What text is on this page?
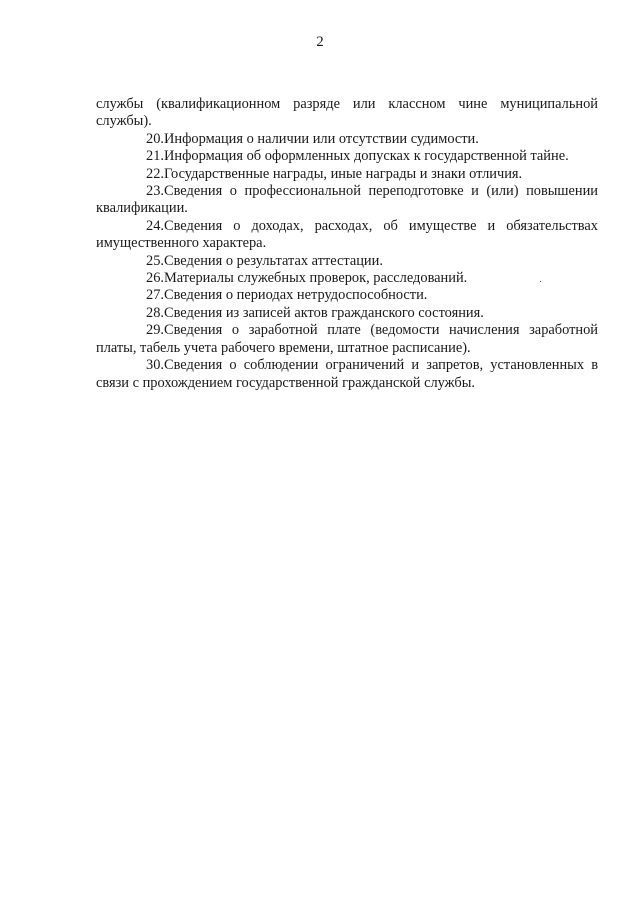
2

службы (квалификационном разряде или классном чине муниципальной службы).

20.Информация о наличии или отсутствии судимости.

21.Информация об оформленных допусках к государственной тайне.

22.Государственные награды, иные награды и знаки отличия.

23.Сведения о профессиональной переподготовке и (или) повышении квалификации.

24.Сведения о доходах, расходах, об имуществе и обязательствах имущественного характера.

25.Сведения о результатах аттестации.

26.Материалы служебных проверок, расследований.

27.Сведения о периодах нетрудоспособности.

28.Сведения из записей актов гражданского состояния.

29.Сведения о заработной плате (ведомости начисления заработной платы, табель учета рабочего времени, штатное расписание).

30.Сведения о соблюдении ограничений и запретов, установленных в связи с прохождением государственной гражданской службы.
